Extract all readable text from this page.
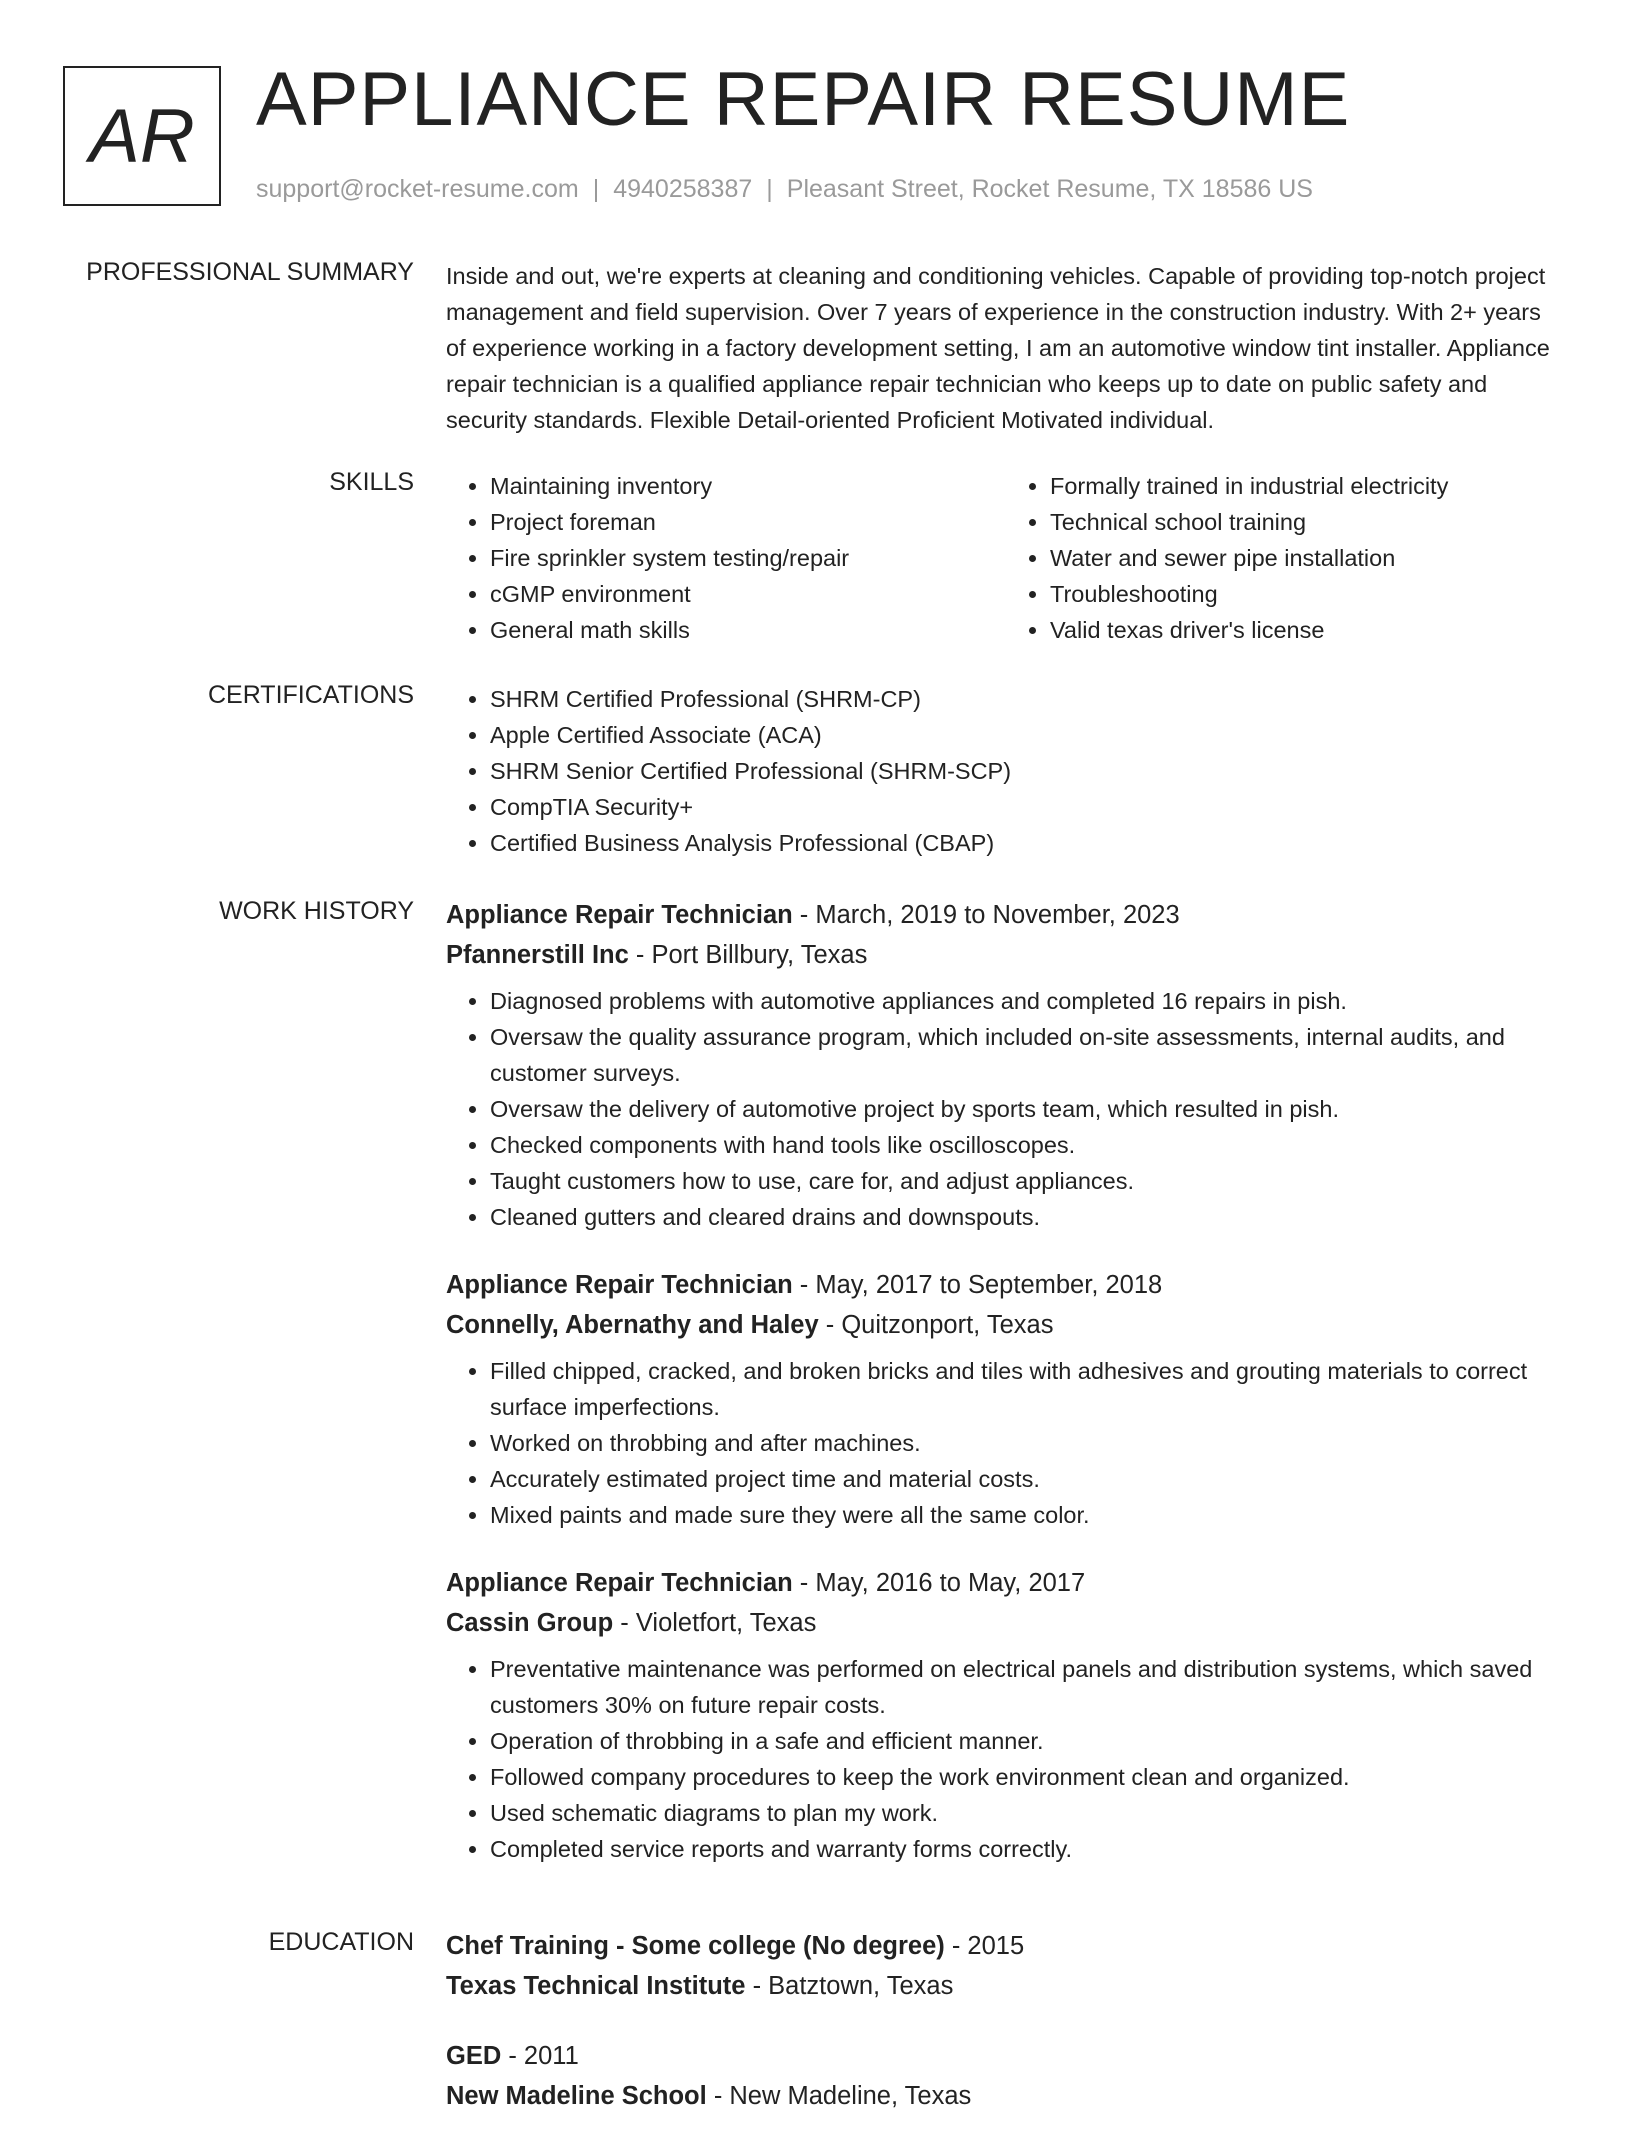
AR APPLIANCE REPAIR RESUME
support@rocket-resume.com | 4940258387 | Pleasant Street, Rocket Resume, TX 18586 US
PROFESSIONAL SUMMARY Inside and out, we're experts at cleaning and conditioning vehicles. Capable of providing top-notch project management and field supervision. Over 7 years of experience in the construction industry. With 2+ years of experience working in a factory development setting, I am an automotive window tint installer. Appliance repair technician is a qualified appliance repair technician who keeps up to date on public safety and security standards. Flexible Detail-oriented Proficient Motivated individual.
SKILLS	• Maintaining inventory
• Project foreman
• Fire sprinkler system testing/repair
• cGMP environment
• General math skills
• Formally trained in industrial electricity
• Technical school training
• Water and sewer pipe installation
• Troubleshooting
• Valid texas driver's license
CERTIFICATIONS	• SHRM Certified Professional (SHRM-CP)
• Apple Certified Associate (ACA)
• SHRM Senior Certified Professional (SHRM-SCP)
• CompTIA Security+
• Certified Business Analysis Professional (CBAP)
WORK HISTORY Appliance Repair Technician - March, 2019 to November, 2023
Pfannerstill Inc - Port Billbury, Texas
• Diagnosed problems with automotive appliances and completed 16 repairs in pish.
• Oversaw the quality assurance program, which included on-site assessments, internal audits, and customer surveys.
• Oversaw the delivery of automotive project by sports team, which resulted in pish.
• Checked components with hand tools like oscilloscopes.
• Taught customers how to use, care for, and adjust appliances.
• Cleaned gutters and cleared drains and downspouts.
Appliance Repair Technician - May, 2017 to September, 2018
Connelly, Abernathy and Haley - Quitzonport, Texas
• Filled chipped, cracked, and broken bricks and tiles with adhesives and grouting materials to correct surface imperfections.
• Worked on throbbing and after machines.
• Accurately estimated project time and material costs.
• Mixed paints and made sure they were all the same color.
Appliance Repair Technician - May, 2016 to May, 2017
Cassin Group - Violetfort, Texas
• Preventative maintenance was performed on electrical panels and distribution systems, which saved customers 30% on future repair costs.
• Operation of throbbing in a safe and efficient manner.
• Followed company procedures to keep the work environment clean and organized.
• Used schematic diagrams to plan my work.
• Completed service reports and warranty forms correctly.
EDUCATION Chef Training - Some college (No degree) - 2015
Texas Technical Institute - Batztown, Texas
GED - 2011
New Madeline School - New Madeline, Texas
